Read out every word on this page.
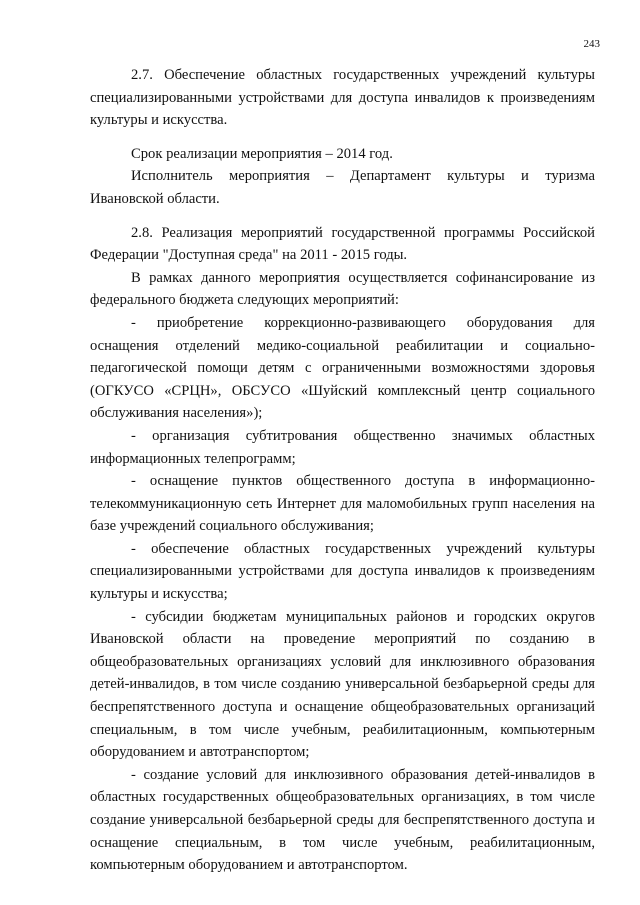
243

2.7. Обеспечение областных государственных учреждений культуры специализированными устройствами для доступа инвалидов к произведениям культуры и искусства.

Срок реализации мероприятия – 2014 год.

Исполнитель мероприятия – Департамент культуры и туризма Ивановской области.

2.8. Реализация мероприятий государственной программы Российской Федерации "Доступная среда" на 2011 - 2015 годы.

В рамках данного мероприятия осуществляется софинансирование из федерального бюджета следующих мероприятий:

- приобретение коррекционно-развивающего оборудования для оснащения отделений медико-социальной реабилитации и социально-педагогической помощи детям с ограниченными возможностями здоровья (ОГКУСО «СРЦН», ОБСУСО «Шуйский комплексный центр социального обслуживания населения»);

- организация субтитрования общественно значимых областных информационных телепрограмм;

- оснащение пунктов общественного доступа в информационно-телекоммуникационную сеть Интернет для маломобильных групп населения на базе учреждений социального обслуживания;

- обеспечение областных государственных учреждений культуры специализированными устройствами для доступа инвалидов к произведениям культуры и искусства;

- субсидии бюджетам муниципальных районов и городских округов Ивановской области на проведение мероприятий по созданию в общеобразовательных организациях условий для инклюзивного образования детей-инвалидов, в том числе созданию универсальной безбарьерной среды для беспрепятственного доступа и оснащение общеобразовательных организаций специальным, в том числе учебным, реабилитационным, компьютерным оборудованием и автотранспортом;

- создание условий для инклюзивного образования детей-инвалидов в областных государственных общеобразовательных организациях, в том числе создание универсальной безбарьерной среды для беспрепятственного доступа и оснащение специальным, в том числе учебным, реабилитационным, компьютерным оборудованием и автотранспортом.
